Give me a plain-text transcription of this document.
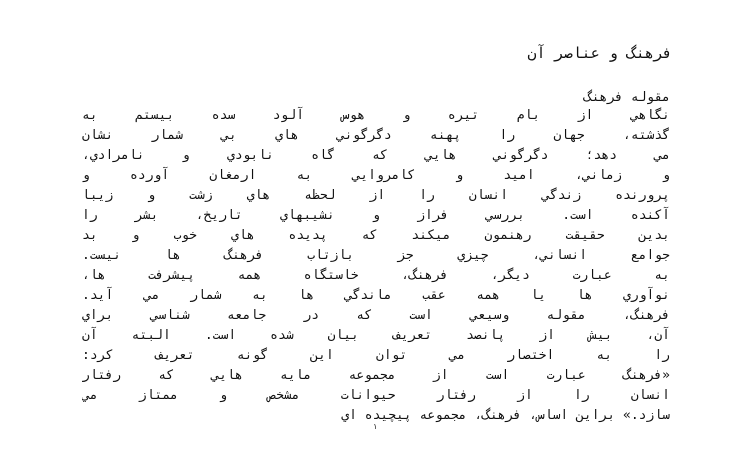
فرهنگ و عناصر آن
مقوله فرهنگ
نگاهي از بام تيره و هوس آلود سده بيستم به
گذشته، جهان را پهنه دگرگوني هاي بي شمار نشان
مي دهد؛ دگرگوني هايي كه گاه نابودي و نامرادي،
و زماني، اميد و كامروايي به ارمغان آورده و
پرورنده زندگي انسان را از لحظه هاي زشت و زيبا
آكنده است. بررسي فراز و نشيبهاي تاريخ، بشر را
بدين حقيقت رهنمون ميكند كه پديده هاي خوب و بد
جوامع انساني، چيزي جز بازتاب فرهنگ ها نيست.
به عبارت ديگر، فرهنگ، خاستگاه همه پيشرفت ها،
نوآوري ها يا همه عقب ماندگي ها به شمار مي آيد.
فرهنگ، مقوله وسيعي است كه در جامعه شناسي براي
آن، بيش از پانصد تعريف بيان شده است. البته آن
را به اختصار مي توان اين گونه تعريف كرد:
«فرهنگ عبارت است از مجموعه مايه هايي كه رفتار
انسان را از رفتار حيوانات مشخص و ممتاز مي
سازد.» براين اساس، فرهنگ، مجموعه پيچيده اي
١
